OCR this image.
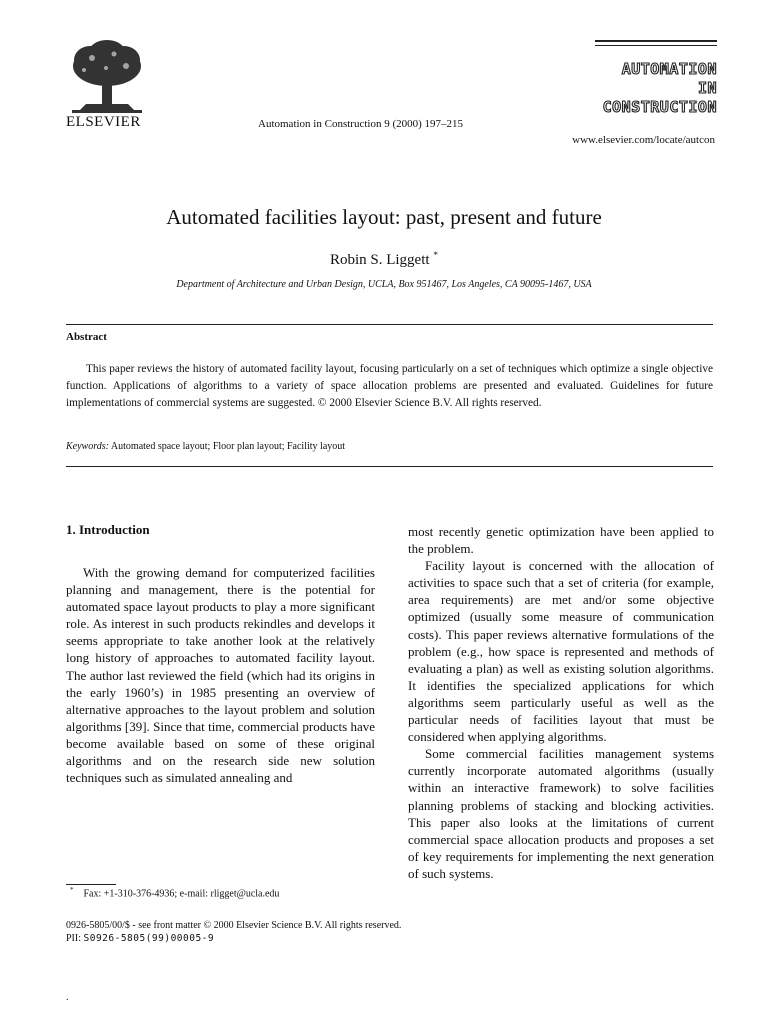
ELSEVIER	Automation in Construction 9 (2000) 197–215
AUTOMATION IN
CONSTRUCTION
www.elsevier.com/locate/autcon
Automated facilities layout: past, present and future
Robin S. Liggett *
Department of Architecture and Urban Design, UCLA, Box 951467, Los Angeles, CA 90095-1467, USA
Abstract

This paper reviews the history of automated facility layout, focusing particularly on a set of techniques which optimize a single objective function. Applications of algorithms to a variety of space allocation problems are presented and evaluated. Guidelines for future implementations of commercial systems are suggested. © 2000 Elsevier Science B.V. All rights reserved.

Keywords: Automated space layout; Floor plan layout; Facility layout
1. Introduction

With the growing demand for computerized facilities planning and management, there is the potential for automated space layout products to play a more significant role. As interest in such products rekindles and develops it seems appropriate to take another look at the relatively long history of approaches to automated facility layout. The author last reviewed the field (which had its origins in the early 1960’s) in 1985 presenting an overview of alternative approaches to the layout problem and solution algorithms [39]. Since that time, commercial products have become available based on some of these original algorithms and on the research side new solution techniques such as simulated annealing and

most recently genetic optimization have been applied to the problem.

Facility layout is concerned with the allocation of activities to space such that a set of criteria (for example, area requirements) are met and/or some objective optimized (usually some measure of communication costs). This paper reviews alternative formulations of the problem (e.g., how space is represented and methods of evaluating a plan) as well as existing solution algorithms. It identifies the specialized applications for which algorithms seem particularly useful as well as the particular needs of facilities layout that must be considered when applying algorithms.

Some commercial facilities management systems currently incorporate automated algorithms (usually within an interactive framework) to solve facilities planning problems of stacking and blocking activities. This paper also looks at the limitations of current commercial space allocation products and proposes a set of key requirements for implementing the next generation of such systems.

* Fax: +1-310-376-4936; e-mail: rligget@ucla.edu
0926-5805/00/$ - see front matter © 2000 Elsevier Science B.V. All rights reserved.
PII: S0926-5805(99)00005-9
.
